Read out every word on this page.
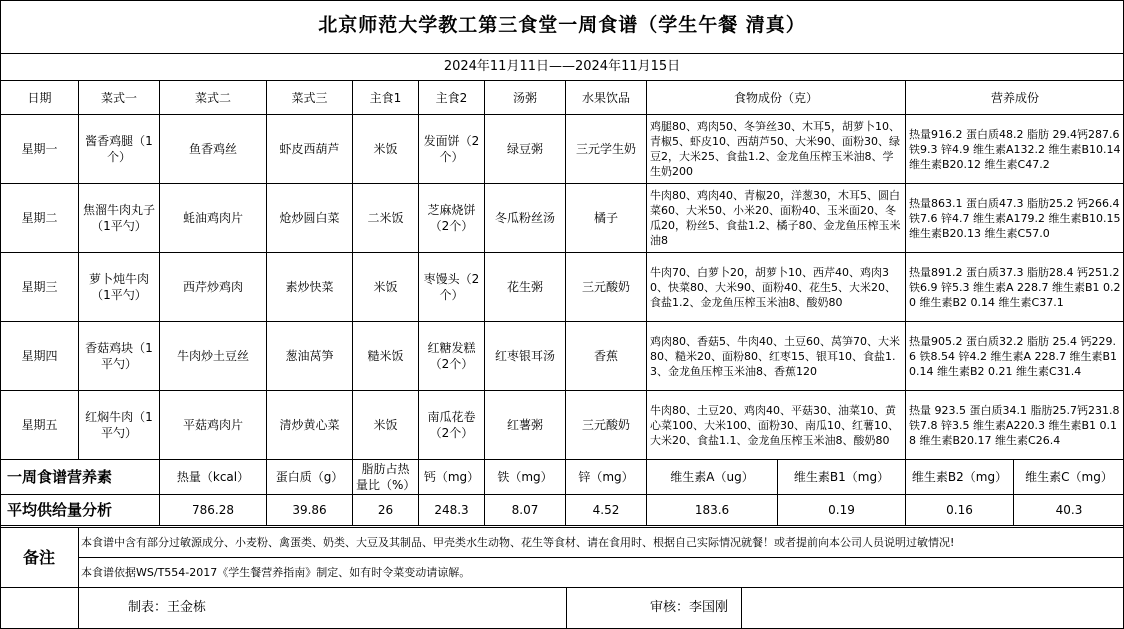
北京师范大学教工第三食堂一周食谱（学生午餐 清真）
2024年11月11日——2024年11月15日
日期	菜式一	菜式二	菜式三	主食1	主食2	汤粥	水果饮品	食物成份（克）		营养成份	
星期一	酱香鸡腿（1个）	鱼香鸡丝	虾皮西葫芦	米饭	发面饼（2个）	绿豆粥	三元学生奶	鸡腿80、鸡肉50、冬笋丝30、木耳5，胡萝卜10、青椒5、虾皮10、西葫芦50、大米90、面粉30、绿豆2，大米25、食盐1.2、金龙鱼压榨玉米油8、学生奶200		热量916.2 蛋白质48.2 脂肪 29.4钙287.6 铁9.3 锌4.9 维生素A132.2 维生素B10.14 维生素B20.12 维生素C47.2	
星期二	焦溜牛肉丸子（1平勺）	蚝油鸡肉片	炝炒圆白菜	二米饭	芝麻烧饼（2个）	冬瓜粉丝汤	橘子	牛肉80、鸡肉40、青椒20，洋葱30，木耳5、圆白菜60、大米50、小米20、面粉40、玉米面20、冬瓜20，粉丝5、食盐1.2、橘子80、金龙鱼压榨玉米油8		热量863.1 蛋白质47.3 脂肪25.2 钙266.4 铁7.6 锌4.7 维生素A179.2 维生素B10.15 维生素B20.13 维生素C57.0	
星期三	萝卜炖牛肉（1平勺）	西芹炒鸡肉	素炒快菜	米饭	枣馒头（2个）	花生粥	三元酸奶	牛肉70、白萝卜20，胡萝卜10、西芹40、鸡肉30、快菜80、大米90、面粉40、花生5、大米20、食盐1.2、金龙鱼压榨玉米油8、酸奶80		热量891.2 蛋白质37.3 脂肪28.4 钙251.2 铁6.9 锌5.3 维生素A 228.7 维生素B1 0.20 维生素B2 0.14 维生素C37.1	
星期四	香菇鸡块（1平勺）	牛肉炒土豆丝	葱油莴笋	糙米饭	红糖发糕（2个）	红枣银耳汤	香蕉	鸡肉80、香菇5、牛肉40、土豆60、莴笋70、大米80、糙米20、面粉80、红枣15、银耳10、食盐1.3、金龙鱼压榨玉米油8、香蕉120		热量905.2 蛋白质32.2 脂肪 25.4 钙229.6 铁8.54 锌4.2 维生素A 228.7 维生素B1 0.14 维生素B2 0.21 维生素C31.4	
星期五	红焖牛肉（1平勺）	平菇鸡肉片	清炒黄心菜	米饭	南瓜花卷（2个）	红薯粥	三元酸奶	牛肉80、土豆20、鸡肉40、平菇30、油菜10、黄心菜100、大米100、面粉30、南瓜10、红薯10、大米20、食盐1.1、金龙鱼压榨玉米油8、酸奶80		热量 923.5 蛋白质34.1 脂肪25.7钙231.8 铁7.8 锌3.5 维生素A220.3 维生素B1 0.18 维生素B20.17 维生素C26.4	
一周食谱营养素		热量（kcal）	蛋白质（g）	脂肪占热量比（%）	钙（mg）	铁（mg）	锌（mg）	维生素A（ug）	维生素B1（mg）	维生素B2（mg）	维生素C（mg）
平均供给量分析		786.28	39.86	26	248.3	8.07	4.52	183.6	0.19	0.16	40.3
备注
本食谱中含有部分过敏源成分、小麦粉、禽蛋类、奶类、大豆及其制品、甲壳类水生动物、花生等食材、请在食用时、根据自己实际情况就餐！或者提前向本公司人员说明过敏情况!
本食谱依据WS/T554-2017《学生餐营养指南》制定、如有时令菜变动请谅解。
制表：王金栋	审核：李国刚
